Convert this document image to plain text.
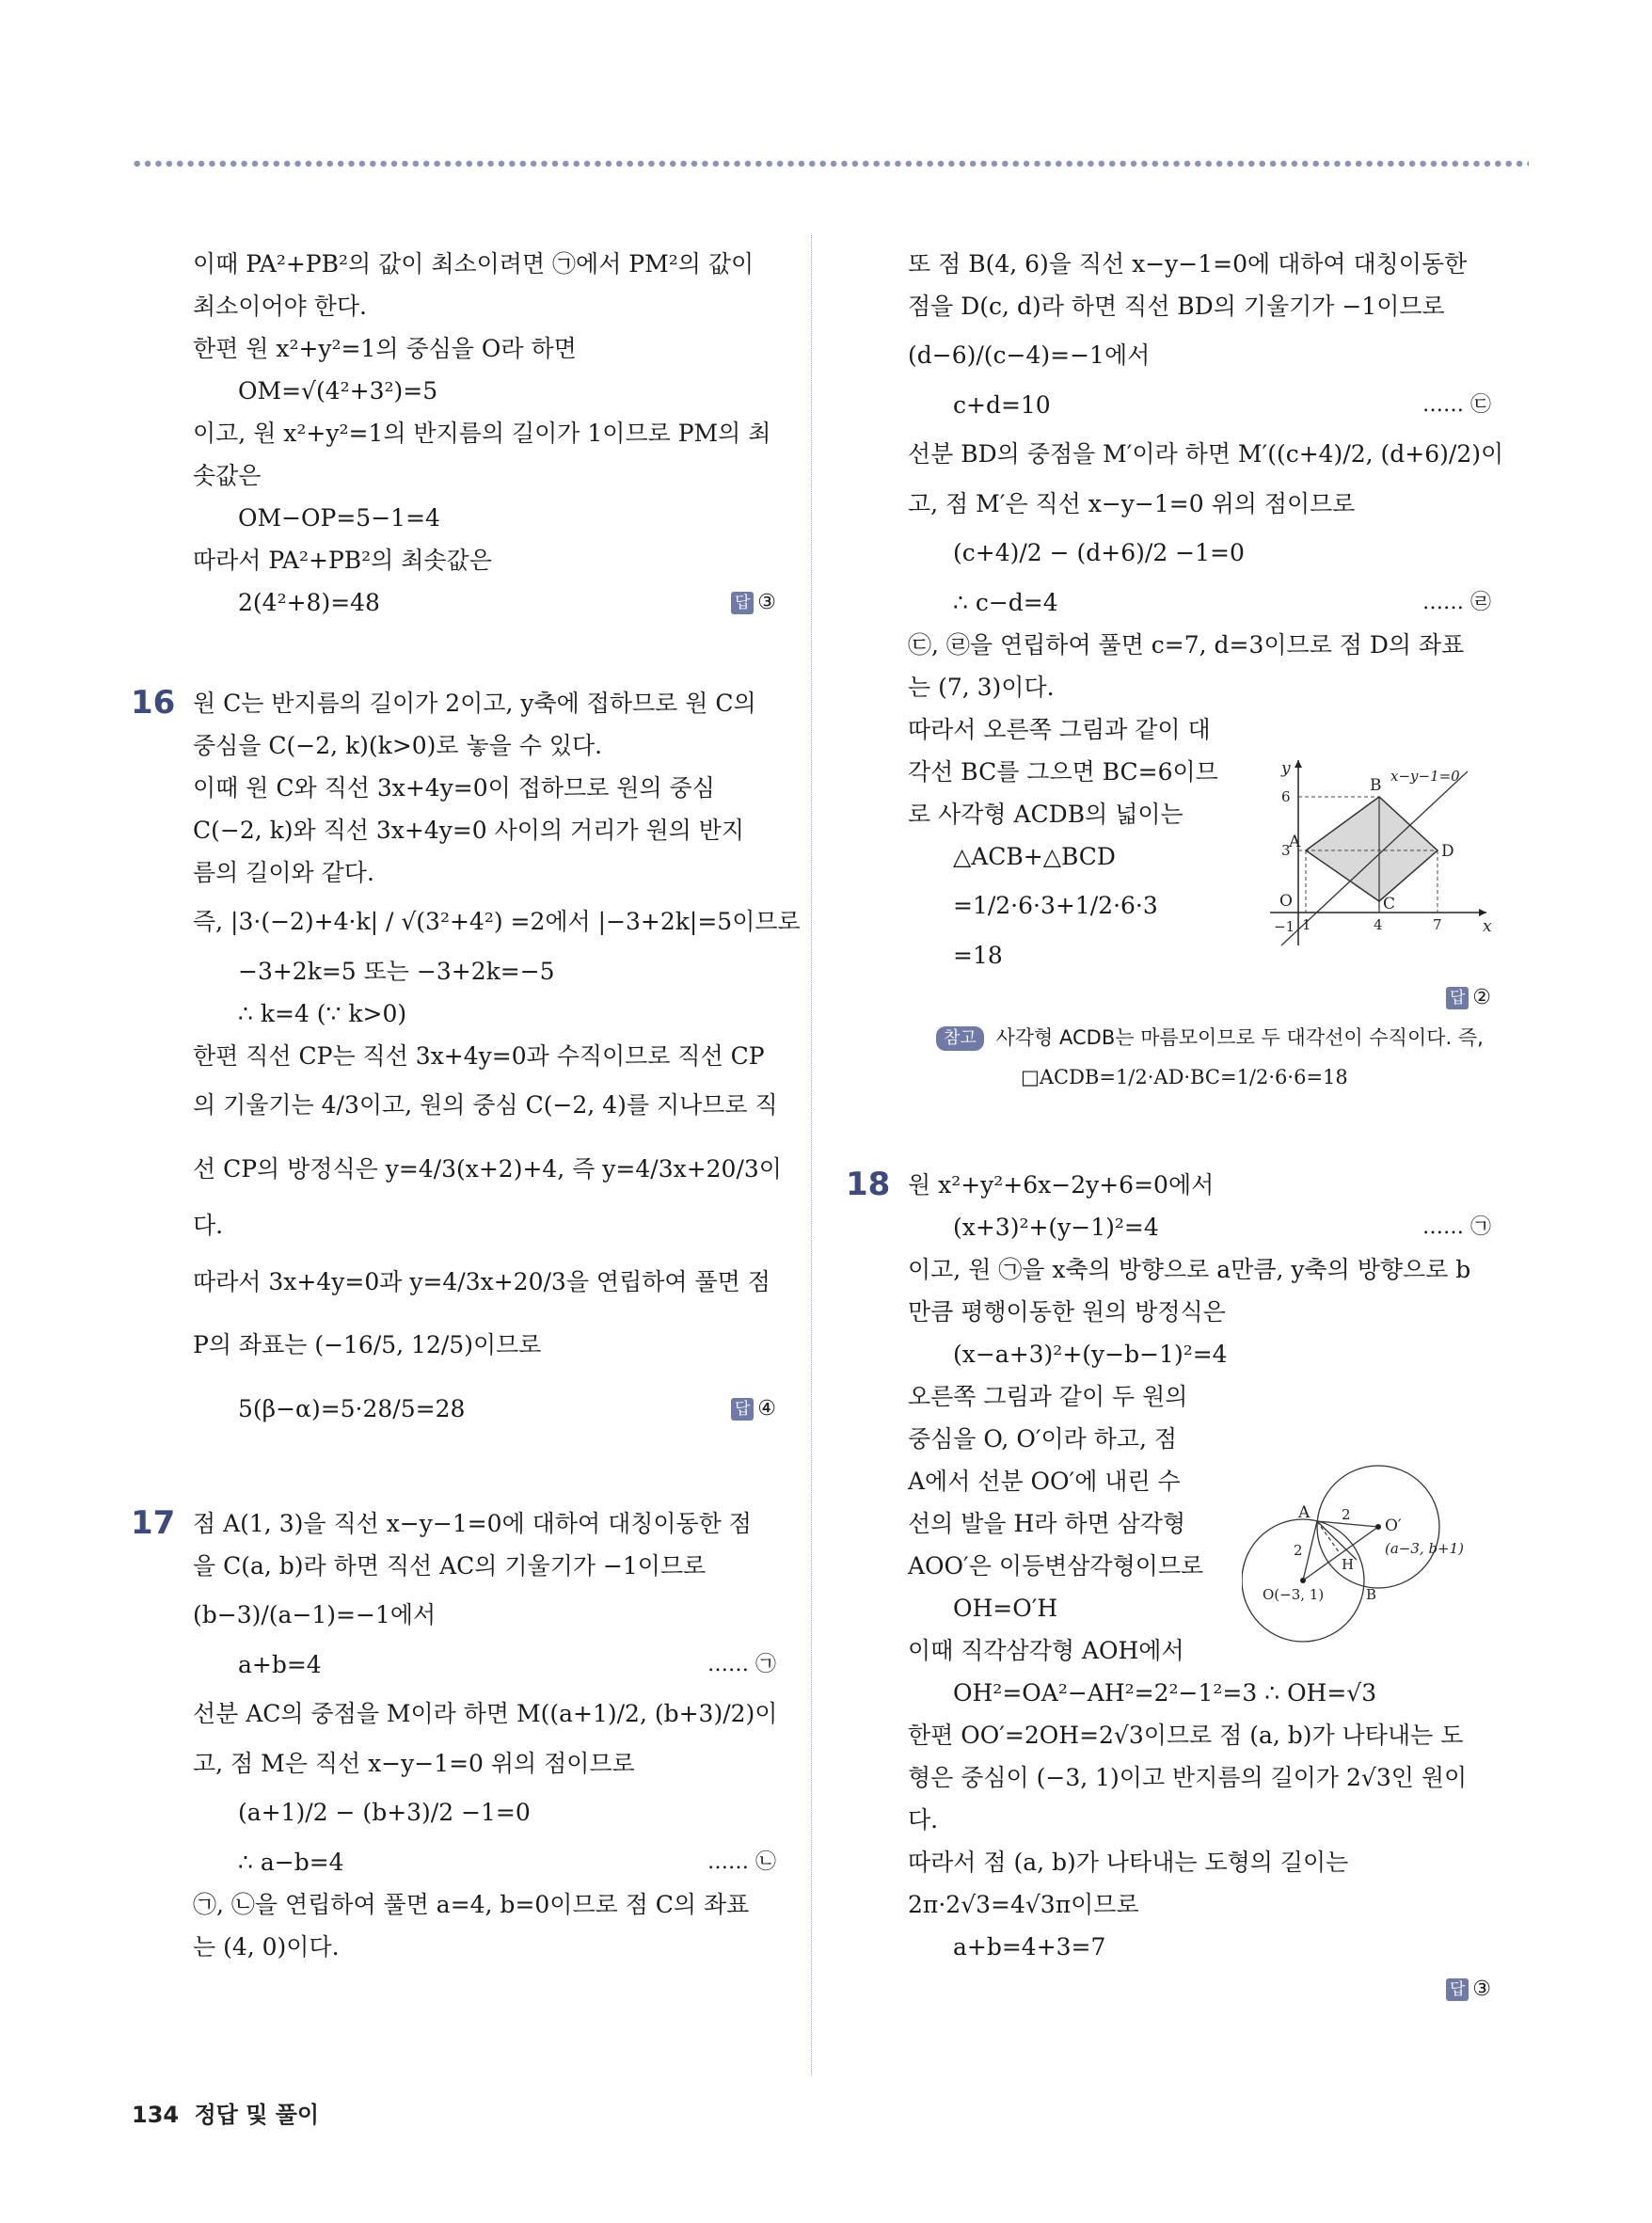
이때 PA²+PB²의 값이 최소이려면 ㉠에서 PM²의 값이
최소이어야 한다.
한편 원 x²+y²=1의 중심을 O라 하면
OM=√(4²+3²)=5
이고, 원 x²+y²=1의 반지름의 길이가 1이므로 PM의 최
솟값은
OM−OP=5−1=4
따라서 PA²+PB²의 최솟값은
2(4²+8)=48	답 ③
16 원 C는 반지름의 길이가 2이고, y축에 접하므로 원 C의
중심을 C(−2, k)(k>0)로 놓을 수 있다.
이때 원 C와 직선 3x+4y=0이 접하므로 원의 중심
C(−2, k)와 직선 3x+4y=0 사이의 거리가 원의 반지
름의 길이와 같다.
즉, |3·(−2)+4·k| / √(3²+4²) =2에서 |−3+2k|=5이므로
−3+2k=5 또는 −3+2k=−5
∴ k=4 (∵ k>0)
한편 직선 CP는 직선 3x+4y=0과 수직이므로 직선 CP
의 기울기는 4/3이고, 원의 중심 C(−2, 4)를 지나므로 직
선 CP의 방정식은 y=4/3(x+2)+4, 즉 y=4/3x+20/3이
다.
따라서 3x+4y=0과 y=4/3x+20/3을 연립하여 풀면 점
P의 좌표는 (−16/5, 12/5)이므로
5(β−α)=5·28/5=28	답 ④
17 점 A(1, 3)을 직선 x−y−1=0에 대하여 대칭이동한 점
을 C(a, b)라 하면 직선 AC의 기울기가 −1이므로
(b−3)/(a−1)=−1에서
a+b=4	…… ㉠
선분 AC의 중점을 M이라 하면 M((a+1)/2, (b+3)/2)이
고, 점 M은 직선 x−y−1=0 위의 점이므로
(a+1)/2 − (b+3)/2 −1=0
∴ a−b=4	…… ㉡
㉠, ㉡을 연립하여 풀면 a=4, b=0이므로 점 C의 좌표
는 (4, 0)이다.
또 점 B(4, 6)을 직선 x−y−1=0에 대하여 대칭이동한
점을 D(c, d)라 하면 직선 BD의 기울기가 −1이므로
(d−6)/(c−4)=−1에서
c+d=10	…… ㉢
선분 BD의 중점을 M′이라 하면 M′((c+4)/2, (d+6)/2)이
고, 점 M′은 직선 x−y−1=0 위의 점이므로
(c+4)/2 − (d+6)/2 −1=0
∴ c−d=4	…… ㉣
㉢, ㉣을 연립하여 풀면 c=7, d=3이므로 점 D의 좌표
는 (7, 3)이다.
따라서 오른쪽 그림과 같이 대
각선 BC를 그으면 BC=6이므
로 사각형 ACDB의 넓이는
△ACB+△BCD
=1/2·6·3+1/2·6·3
=18
답 ②
참고 사각형 ACDB는 마름모이므로 두 대각선이 수직이다. 즉,
□ACDB=1/2·AD·BC=1/2·6·6=18
18 원 x²+y²+6x−2y+6=0에서
(x+3)²+(y−1)²=4	…… ㉠
이고, 원 ㉠을 x축의 방향으로 a만큼, y축의 방향으로 b
만큼 평행이동한 원의 방정식은
(x−a+3)²+(y−b−1)²=4
오른쪽 그림과 같이 두 원의
중심을 O, O′이라 하고, 점
A에서 선분 OO′에 내린 수
선의 발을 H라 하면 삼각형
AOO′은 이등변삼각형이므로
OH=O′H
이때 직각삼각형 AOH에서
OH²=OA²−AH²=2²−1²=3 ∴ OH=√3
한편 OO′=2OH=2√3이므로 점 (a, b)가 나타내는 도
형은 중심이 (−3, 1)이고 반지름의 길이가 2√3인 원이
다.
따라서 점 (a, b)가 나타내는 도형의 길이는
2π·2√3=4√3π이므로
a+b=4+3=7
답 ③
y
x
x−y−1=0
B
A	D
C
O
6
3
−1 1	4	7
A 2
2
O′
(a−3, b+1)
H
O(−3, 1)	B
134 정답 및 풀이
